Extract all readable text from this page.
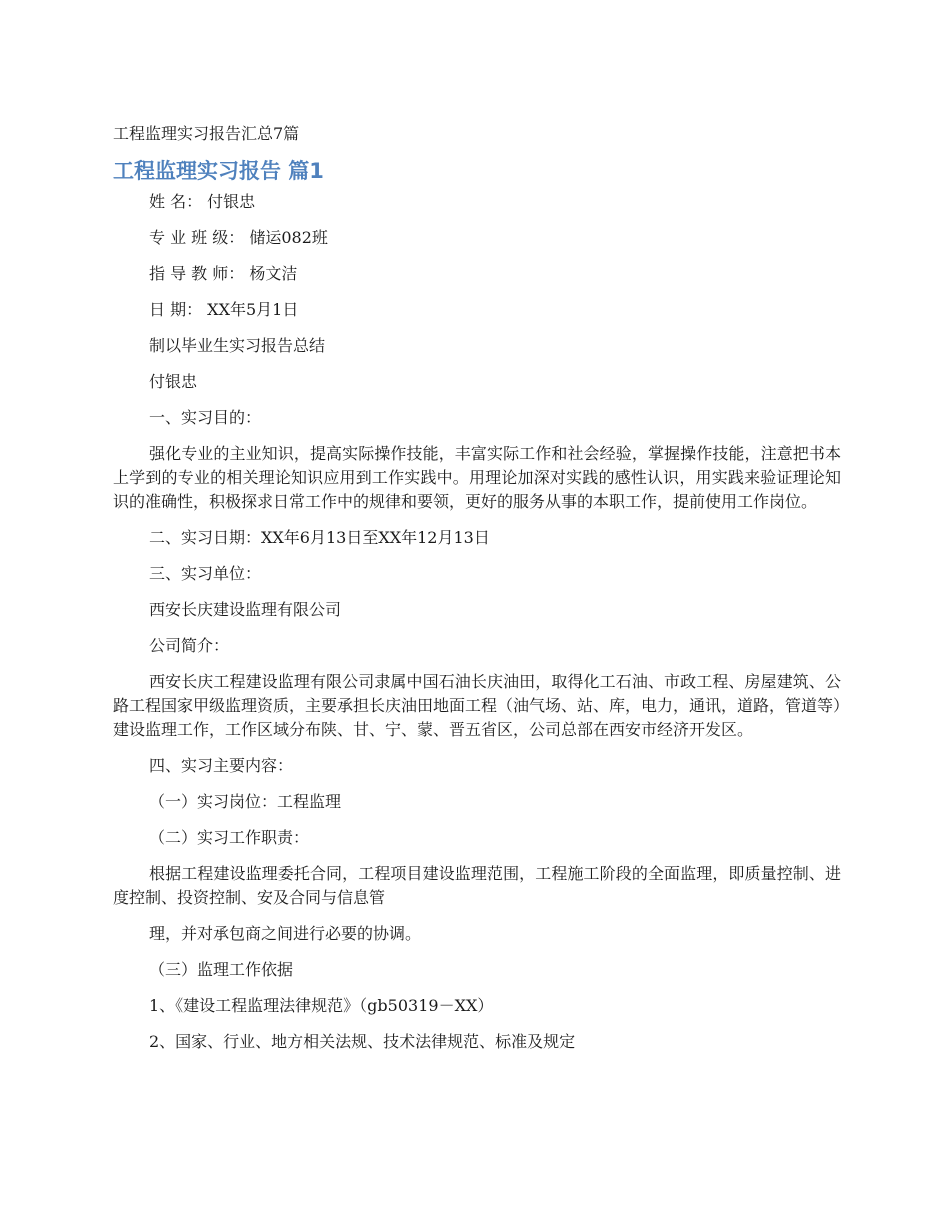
工程监理实习报告汇总7篇
工程监理实习报告 篇1
姓 名： 付银忠
专 业 班 级： 储运082班
指 导 教 师： 杨文洁
日 期： XX年5月1日
制以毕业生实习报告总结
付银忠
一、实习目的：
强化专业的主业知识，提高实际操作技能，丰富实际工作和社会经验，掌握操作技能，注意把书本上学到的专业的相关理论知识应用到工作实践中。用理论加深对实践的感性认识，用实践来验证理论知识的准确性，积极探求日常工作中的规律和要领，更好的服务从事的本职工作，提前使用工作岗位。
二、实习日期：XX年6月13日至XX年12月13日
三、实习单位：
西安长庆建设监理有限公司
公司简介：
西安长庆工程建设监理有限公司隶属中国石油长庆油田，取得化工石油、市政工程、房屋建筑、公路工程国家甲级监理资质，主要承担长庆油田地面工程（油气场、站、库，电力，通讯，道路，管道等）建设监理工作，工作区域分布陕、甘、宁、蒙、晋五省区，公司总部在西安市经济开发区。
四、实习主要内容：
（一）实习岗位：工程监理
（二）实习工作职责：
根据工程建设监理委托合同，工程项目建设监理范围，工程施工阶段的全面监理，即质量控制、进度控制、投资控制、安及合同与信息管
理，并对承包商之间进行必要的协调。
（三）监理工作依据
1、《建设工程监理法律规范》（gb50319－XX）
2、国家、行业、地方相关法规、技术法律规范、标准及规定
